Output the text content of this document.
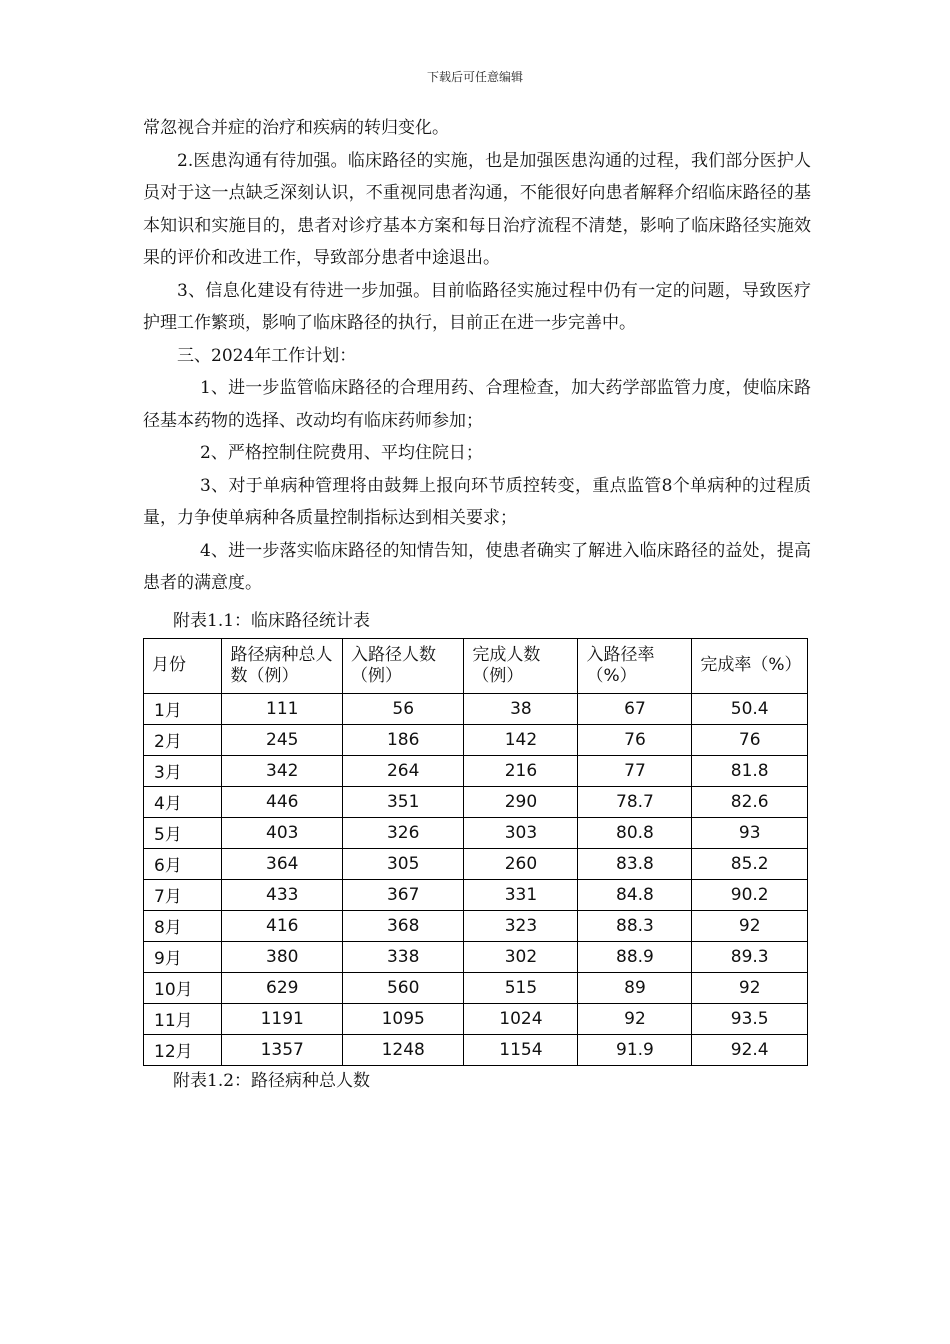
下载后可任意编辑

常忽视合并症的治疗和疾病的转归变化。

2.医患沟通有待加强。临床路径的实施，也是加强医患沟通的过程，我们部分医护人员对于这一点缺乏深刻认识，不重视同患者沟通，不能很好向患者解释介绍临床路径的基本知识和实施目的，患者对诊疗基本方案和每日治疗流程不清楚，影响了临床路径实施效果的评价和改进工作，导致部分患者中途退出。

3、信息化建设有待进一步加强。目前临路径实施过程中仍有一定的问题，导致医疗护理工作繁琐，影响了临床路径的执行，目前正在进一步完善中。

三、2024年工作计划：

1、进一步监管临床路径的合理用药、合理检查，加大药学部监管力度，使临床路径基本药物的选择、改动均有临床药师参加；

2、严格控制住院费用、平均住院日；

3、对于单病种管理将由鼓舞上报向环节质控转变，重点监管8个单病种的过程质量，力争使单病种各质量控制指标达到相关要求；

4、进一步落实临床路径的知情告知，使患者确实了解进入临床路径的益处，提高患者的满意度。

附表1.1：临床路径统计表

月份	路径病种总人数（例）	入路径人数（例）	完成人数（例）	入路径率（%）	完成率（%）
1月	111	56	38	67	50.4
2月	245	186	142	76	76
3月	342	264	216	77	81.8
4月	446	351	290	78.7	82.6
5月	403	326	303	80.8	93
6月	364	305	260	83.8	85.2
7月	433	367	331	84.8	90.2
8月	416	368	323	88.3	92
9月	380	338	302	88.9	89.3
10月	629	560	515	89	92
11月	1191	1095	1024	92	93.5
12月	1357	1248	1154	91.9	92.4

附表1.2：路径病种总人数
